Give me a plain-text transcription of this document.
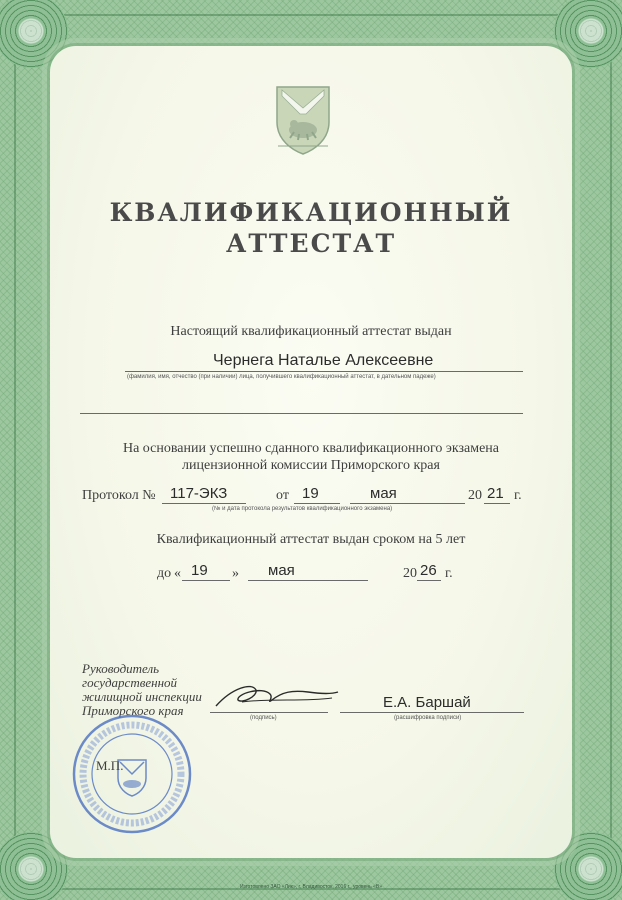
КВАЛИФИКАЦИОННЫЙ
АТТЕСТАТ
Настоящий квалификационный аттестат выдан
Чернега Наталье Алексеевне
(фамилия, имя, отчество (при наличии) лица, получившего квалификационный аттестат, в дательном падеже)
На основании успешно сданного квалификационного экзамена
лицензионной комиссии Приморского края
Протокол № 117-ЭКЗ	от 19	мая	20 21 г.
(№ и дата протокола результатов квалификационного экзамена)
Квалификационный аттестат выдан сроком на 5 лет
до « 19 » мая	20 26 г.
Руководитель
государственной
жилищной инспекции
Приморского края	(подпись)
Е.А. Баршай
(расшифровка подписи)
М.П.
Изготовлено ЗАО «Лик», г. Владивосток, 2016 г., уровень «В»
